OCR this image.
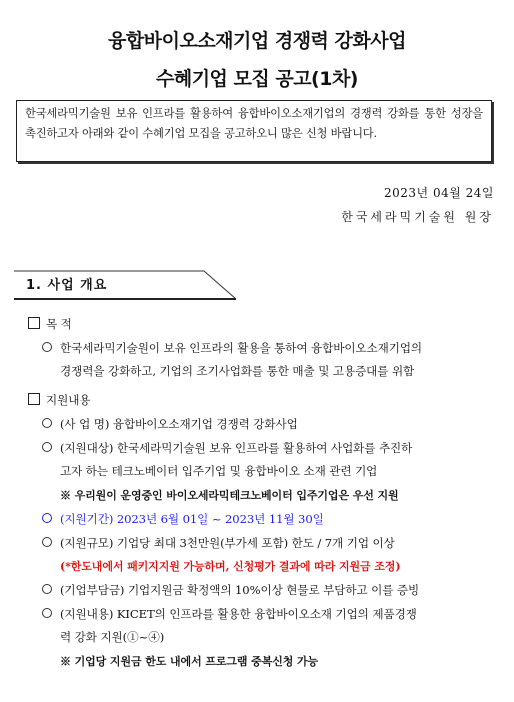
융합바이오소재기업 경쟁력 강화사업
수혜기업 모집 공고(1차)

한국세라믹기술원 보유 인프라를 활용하여 융합바이오소재기업의 경쟁력 강화를 통한 성장을 촉진하고자 아래와 같이 수혜기업 모집을 공고하오니 많은 신청 바랍니다.

2023년 04월 24일
한국세라믹기술원 원장
1. 사업 개요
목 적
한국세라믹기술원이 보유 인프라의 활용을 통하여 융합바이오소재기업의
경쟁력을 강화하고, 기업의 조기사업화를 통한 매출 및 고용증대를 위함
지원내용
(사 업 명) 융합바이오소재기업 경쟁력 강화사업
(지원대상) 한국세라믹기술원 보유 인프라를 활용하여 사업화를 추진하
고자 하는 테크노베이터 입주기업 및 융합바이오 소재 관련 기업
※ 우리원이 운영중인 바이오세라믹테크노베이터 입주기업은 우선 지원
(지원기간) 2023년 6월 01일 ~ 2023년 11월 30일
(지원규모) 기업당 최대 3천만원(부가세 포함) 한도 / 7개 기업 이상
(*한도내에서 패키지지원 가능하며, 신청평가 결과에 따라 지원금 조정)
(기업부담금) 기업지원금 확정액의 10%이상 현물로 부담하고 이를 증빙
(지원내용) KICET의 인프라를 활용한 융합바이오소재 기업의 제품경쟁
력 강화 지원(①~④)
※ 기업당 지원금 한도 내에서 프로그램 중복신청 가능
